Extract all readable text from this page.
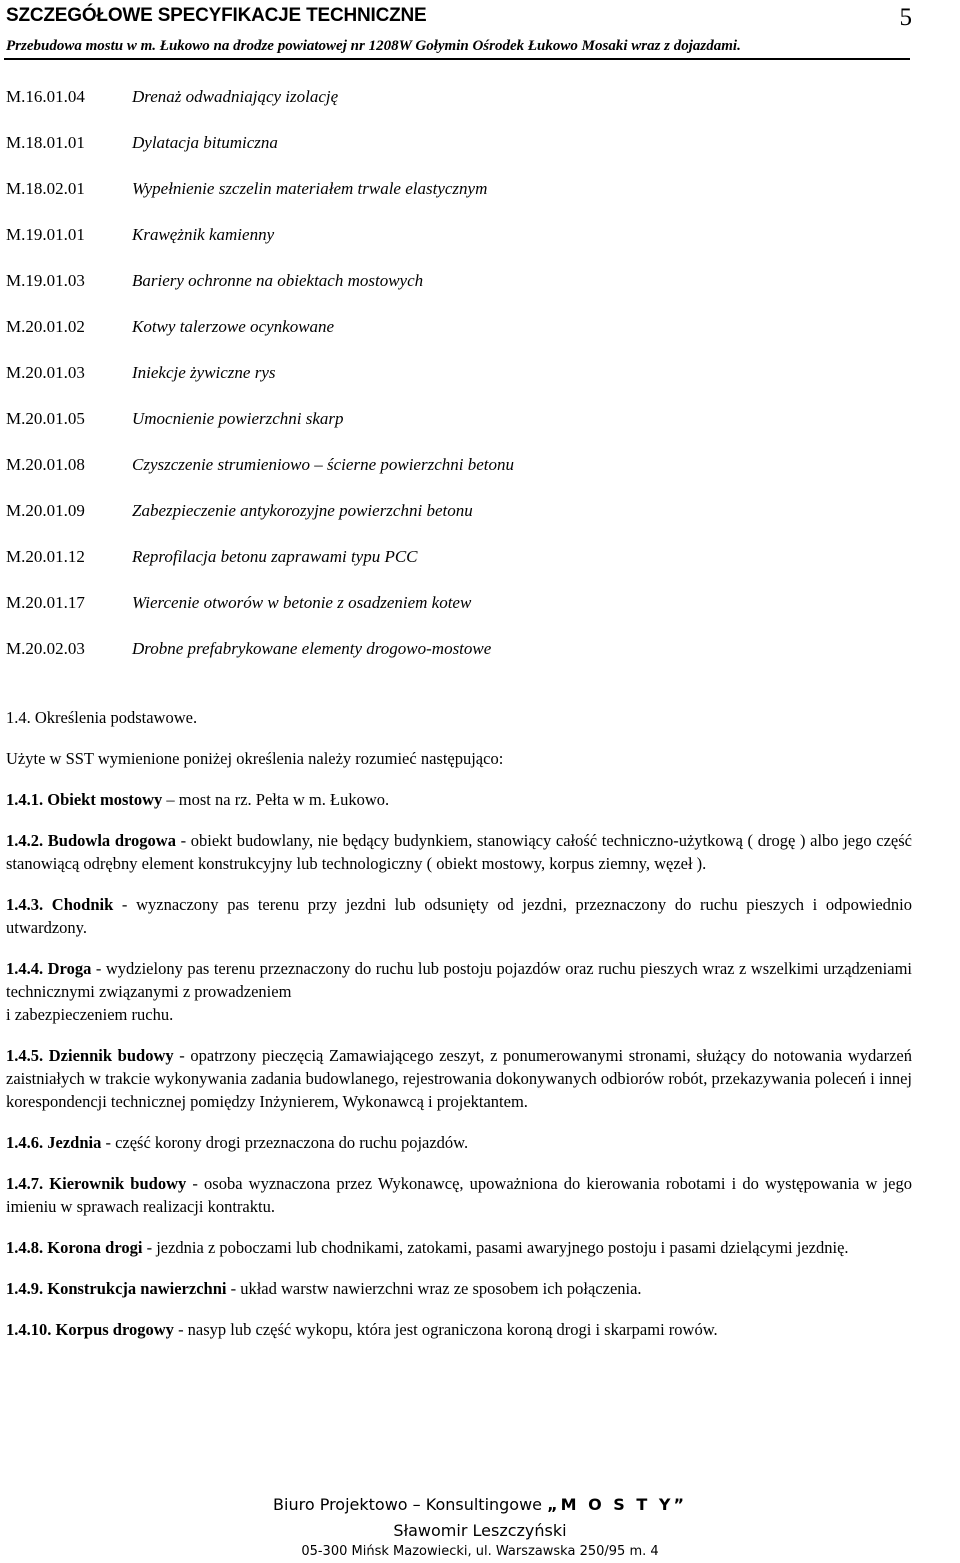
SZCZEGÓŁOWE SPECYFIKACJE TECHNICZNE	5
Przebudowa mostu w m. Łukowo na drodze powiatowej nr 1208W Gołymin Ośrodek Łukowo Mosaki wraz z dojazdami.
M.16.01.04	Drenaż odwadniający izolację
M.18.01.01	Dylatacja bitumiczna
M.18.02.01	Wypełnienie szczelin materiałem trwale elastycznym
M.19.01.01	Krawężnik kamienny
M.19.01.03	Bariery ochronne na obiektach mostowych
M.20.01.02	Kotwy talerzowe ocynkowane
M.20.01.03	Iniekcje żywiczne rys
M.20.01.05	Umocnienie powierzchni skarp
M.20.01.08	Czyszczenie strumieniowo – ścierne powierzchni betonu
M.20.01.09	Zabezpieczenie antykorozyjne powierzchni betonu
M.20.01.12	Reprofilacja betonu zaprawami typu PCC
M.20.01.17	Wiercenie otworów w betonie z osadzeniem kotew
M.20.02.03	Drobne prefabrykowane elementy drogowo-mostowe

1.4. Określenia podstawowe.

Użyte w SST wymienione poniżej określenia należy rozumieć następująco:

1.4.1. Obiekt mostowy – most na rz. Pełta w m. Łukowo.

1.4.2. Budowla drogowa - obiekt budowlany, nie będący budynkiem, stanowiący całość techniczno-użytkową ( drogę ) albo jego część stanowiącą odrębny element konstrukcyjny lub technologiczny ( obiekt mostowy, korpus ziemny, węzeł ).

1.4.3. Chodnik - wyznaczony pas terenu przy jezdni lub odsunięty od jezdni, przeznaczony do ruchu pieszych i odpowiednio utwardzony.

1.4.4. Droga - wydzielony pas terenu przeznaczony do ruchu lub postoju pojazdów oraz ruchu pieszych wraz z wszelkimi urządzeniami technicznymi związanymi z prowadzeniem
i zabezpieczeniem ruchu.

1.4.5. Dziennik budowy - opatrzony pieczęcią Zamawiającego zeszyt, z ponumerowanymi stronami, służący do notowania wydarzeń zaistniałych w trakcie wykonywania zadania budowlanego, rejestrowania dokonywanych odbiorów robót, przekazywania poleceń i innej korespondencji technicznej pomiędzy Inżynierem, Wykonawcą i projektantem.

1.4.6. Jezdnia - część korony drogi przeznaczona do ruchu pojazdów.

1.4.7. Kierownik budowy - osoba wyznaczona przez Wykonawcę, upoważniona do kierowania robotami i do występowania w jego imieniu w sprawach realizacji kontraktu.

1.4.8. Korona drogi - jezdnia z poboczami lub chodnikami, zatokami, pasami awaryjnego postoju i pasami dzielącymi jezdnię.

1.4.9. Konstrukcja nawierzchni - układ warstw nawierzchni wraz ze sposobem ich połączenia.

1.4.10. Korpus drogowy - nasyp lub część wykopu, która jest ograniczona koroną drogi i skarpami rowów.

Biuro Projektowo – Konsultingowe „M O S T Y”
Sławomir Leszczyński
05-300 Mińsk Mazowiecki, ul. Warszawska 250/95 m. 4
